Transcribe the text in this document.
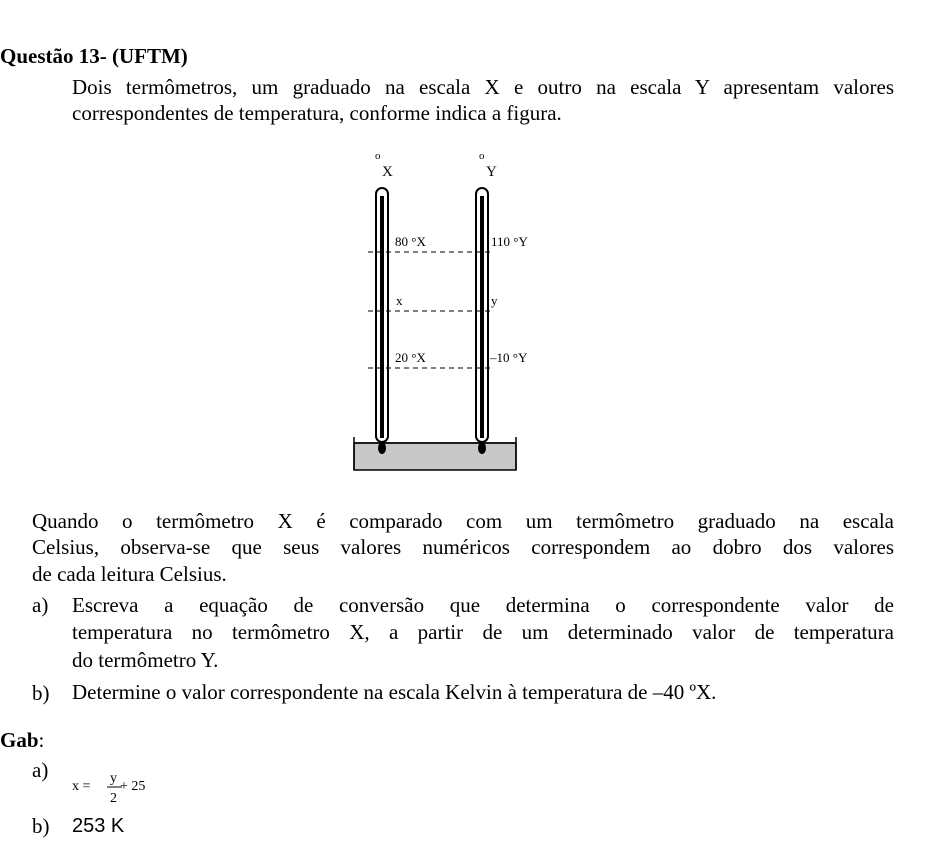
Questão 13- (UFTM)
Dois termômetros, um graduado na escala X e outro na escala Y apresentam valores
correspondentes de temperatura, conforme indica a figura.
o
X
o
Y
80 °X
x
20 °X
110 °Y
y
–10 °Y
Quando o termômetro X é comparado com um termômetro graduado na escala
Celsius, observa-se que seus valores numéricos correspondem ao dobro dos valores
de cada leitura Celsius.
a) Escreva a equação de conversão que determina o correspondente valor de
temperatura no termômetro X, a partir de um determinado valor de temperatura
do termômetro Y.
b) Determine o valor correspondente na escala Kelvin à temperatura de –40 ºX.
Gab:
a)
x =
y
2
+ 25
b) 253 K
